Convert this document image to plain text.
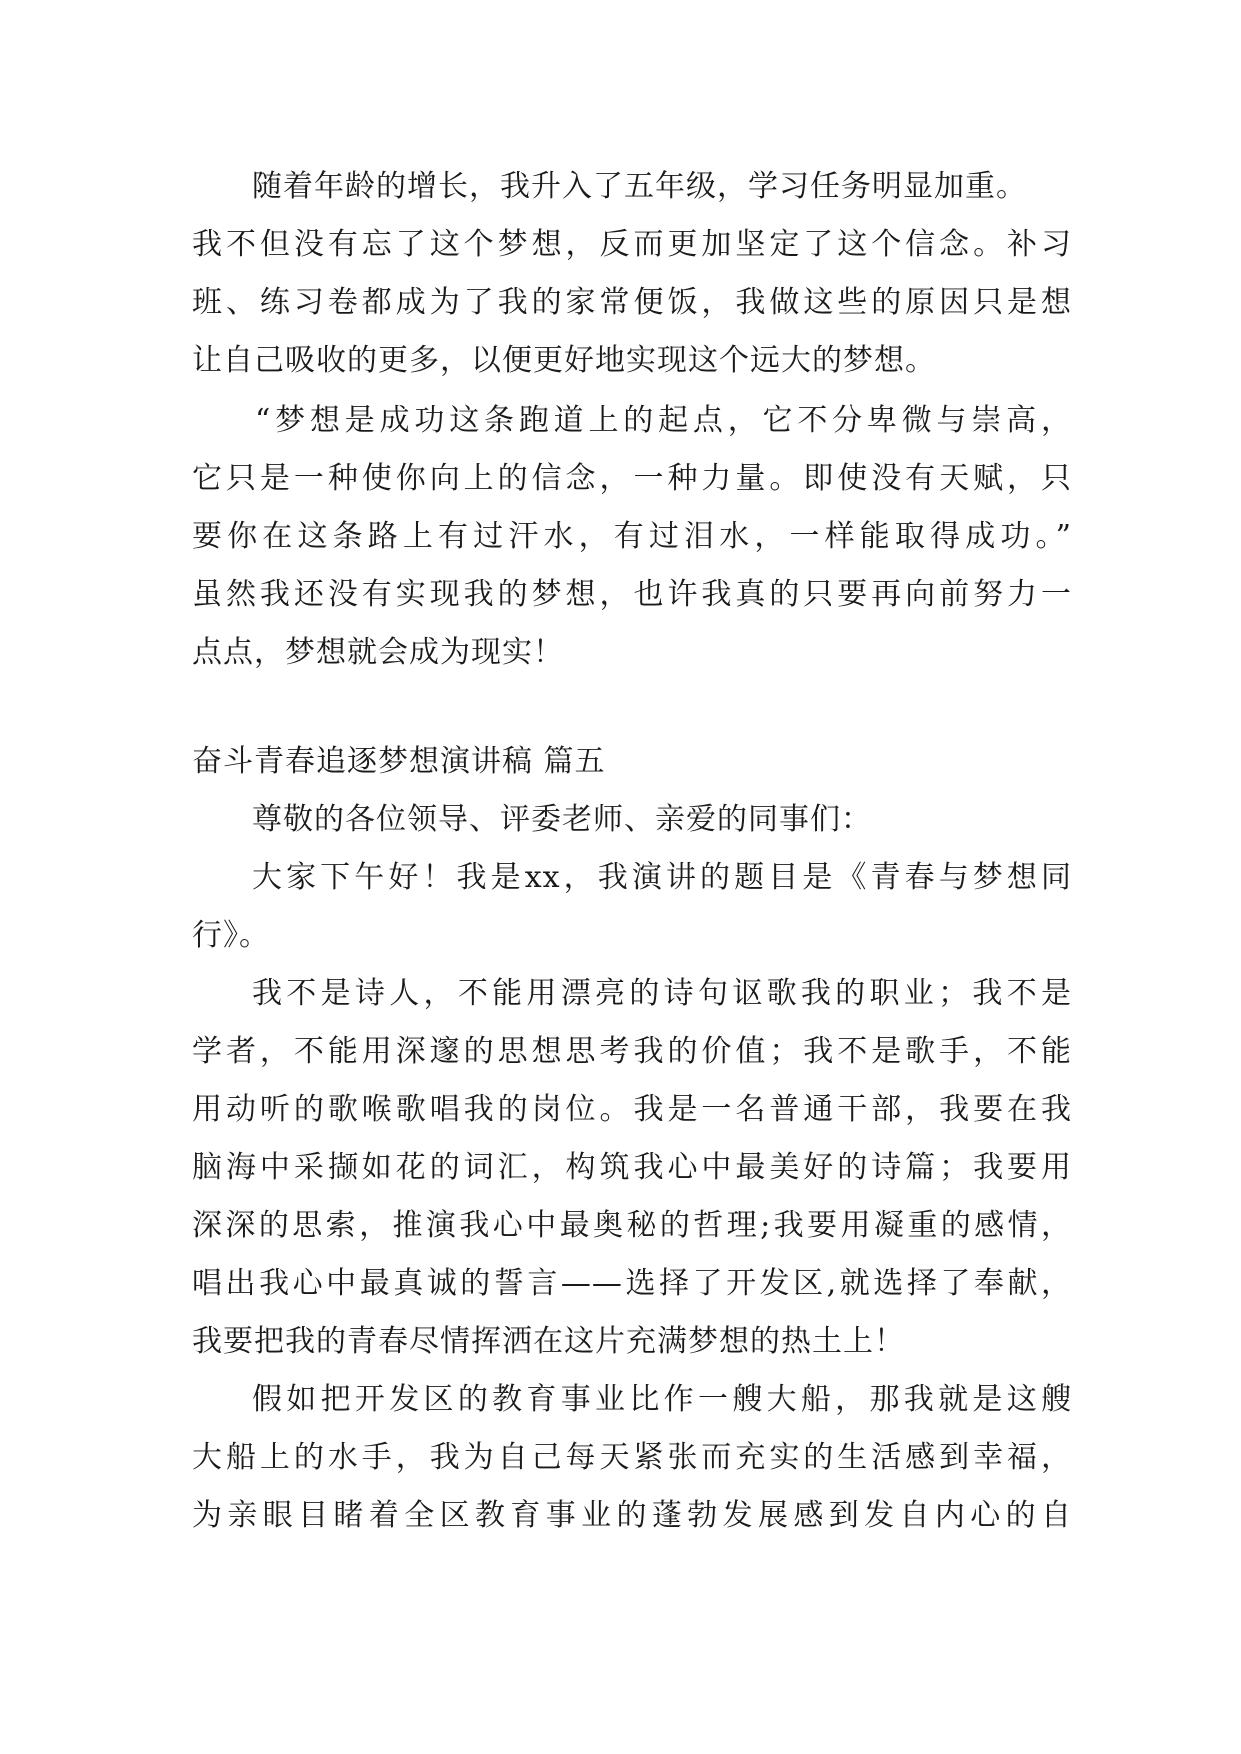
随着年龄的增长，我升入了五年级，学习任务明显加重。
我不但没有忘了这个梦想，反而更加坚定了这个信念。补习
班、练习卷都成为了我的家常便饭，我做这些的原因只是想
让自己吸收的更多，以便更好地实现这个远大的梦想。
“梦想是成功这条跑道上的起点，它不分卑微与崇高，
它只是一种使你向上的信念，一种力量。即使没有天赋，只
要你在这条路上有过汗水，有过泪水，一样能取得成功。”
虽然我还没有实现我的梦想，也许我真的只要再向前努力一
点点，梦想就会成为现实！
奋斗青春追逐梦想演讲稿 篇五
尊敬的各位领导、评委老师、亲爱的同事们：
大家下午好！我是xx，我演讲的题目是《青春与梦想同
行》。
我不是诗人，不能用漂亮的诗句讴歌我的职业；我不是
学者，不能用深邃的思想思考我的价值；我不是歌手，不能
用动听的歌喉歌唱我的岗位。我是一名普通干部，我要在我
脑海中采撷如花的词汇，构筑我心中最美好的诗篇；我要用
深深的思索，推演我心中最奥秘的哲理;我要用凝重的感情，
唱出我心中最真诚的誓言——选择了开发区,就选择了奉献，
我要把我的青春尽情挥洒在这片充满梦想的热土上！
假如把开发区的教育事业比作一艘大船，那我就是这艘
大船上的水手，我为自己每天紧张而充实的生活感到幸福，
为亲眼目睹着全区教育事业的蓬勃发展感到发自内心的自
